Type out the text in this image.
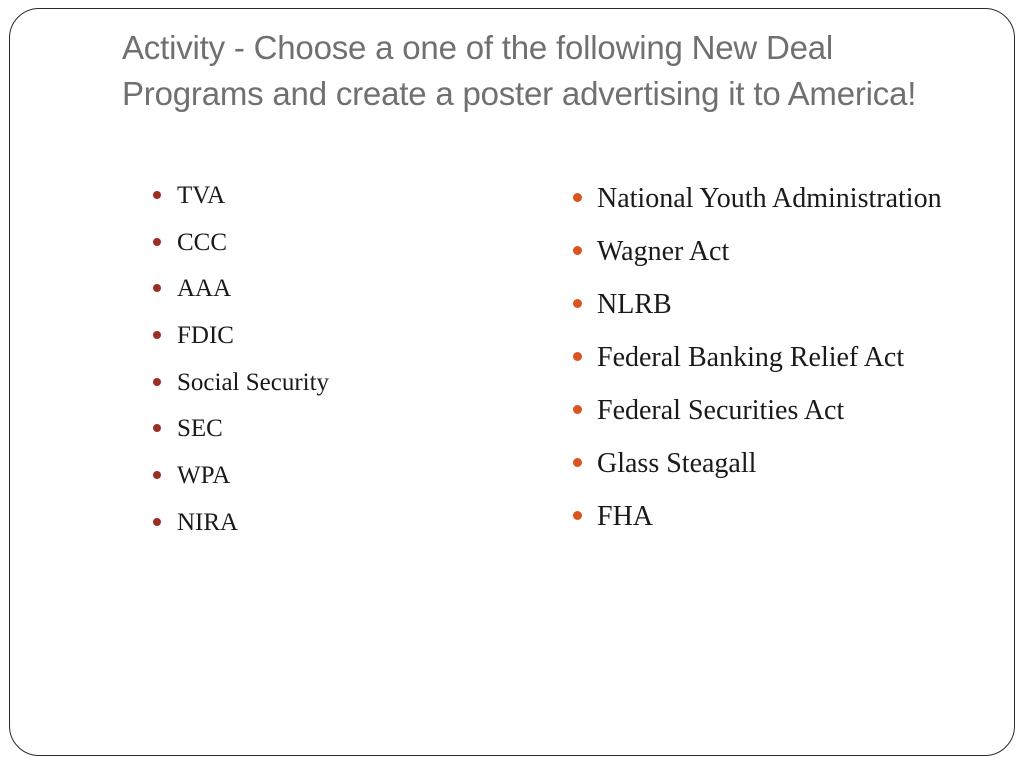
Activity - Choose a one of the following New Deal Programs and create a poster advertising it to America!
TVA
CCC
AAA
FDIC
Social Security
SEC
WPA
NIRA
National Youth Administration
Wagner Act
NLRB
Federal Banking Relief Act
Federal Securities Act
Glass Steagall
FHA
